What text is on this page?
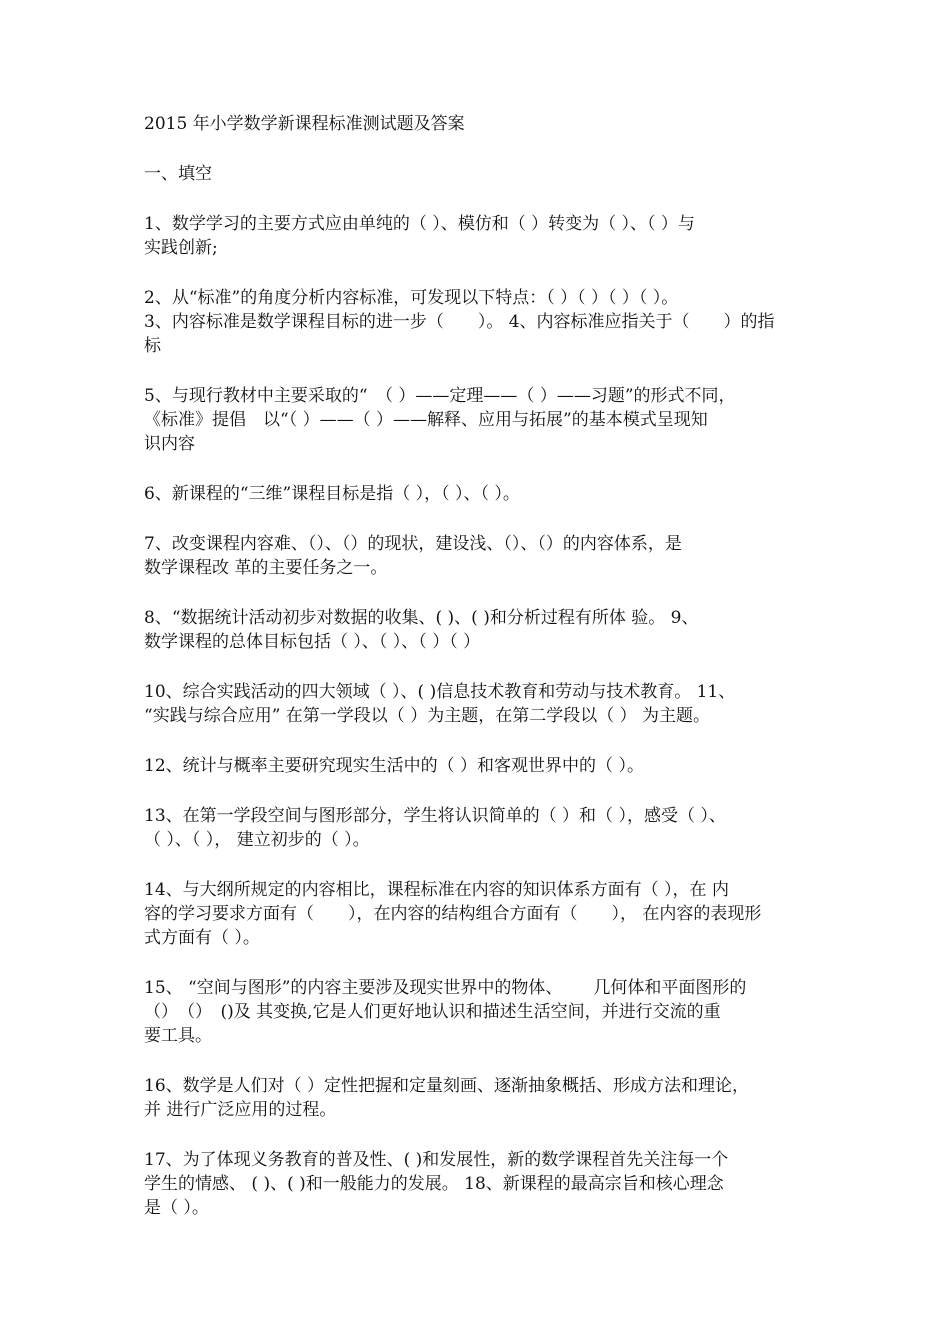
2015 年小学数学新课程标准测试题及答案

一、填空

1、数学学习的主要方式应由单纯的（ ）、模仿和（ ）转变为（ ）、（ ）与
实践创新;
2、从“标准”的角度分析内容标准，可发现以下特点：（ ）（ ）（ ）（ ）。
3、内容标准是数学课程目标的进一步（　　）。 4、内容标准应指关于（　　）的指
标
5、与现行教材中主要采取的“　（ ）——定理——（ ）——习题”的形式不同，
《标准》提倡　以“（ ）——（ ）——解释、应用与拓展”的基本模式呈现知
识内容
6、新课程的“三维”课程目标是指（ ），（ ）、（ ）。
7、改变课程内容难、（）、（）的现状，建设浅、（）、（）的内容体系，是
数学课程改 革的主要任务之一。
8、“数据统计活动初步对数据的收集、( )、( )和分析过程有所体 验。 9、
数学课程的总体目标包括（ ）、（ ）、（ ）（ ）
10、综合实践活动的四大领域（ ）、( )信息技术教育和劳动与技术教育。 11、
“实践与综合应用” 在第一学段以（ ）为主题，在第二学段以（ ） 为主题。
12、统计与概率主要研究现实生活中的（ ）和客观世界中的（ ）。
13、在第一学段空间与图形部分，学生将认识简单的（ ）和（ ），感受（ ）、
（ ）、（ ）， 建立初步的（ ）。
14、与大纲所规定的内容相比，课程标准在内容的知识体系方面有（ ），在 内
容的学习要求方面有（　　），在内容的结构组合方面有（　　）， 在内容的表现形
式方面有（ ）。
15、 “空间与图形”的内容主要涉及现实世界中的物体、　　 几何体和平面图形的
（）　（）　()及 其变换,它是人们更好地认识和描述生活空间，并进行交流的重
要工具。
16、数学是人们对（ ）定性把握和定量刻画、逐渐抽象概括、形成方法和理论，
并 进行广泛应用的过程。
17、为了体现义务教育的普及性、( )和发展性，新的数学课程首先关注每一个
学生的情感、 ( )、( )和一般能力的发展。 18、新课程的最高宗旨和核心理念
是（ ）。
